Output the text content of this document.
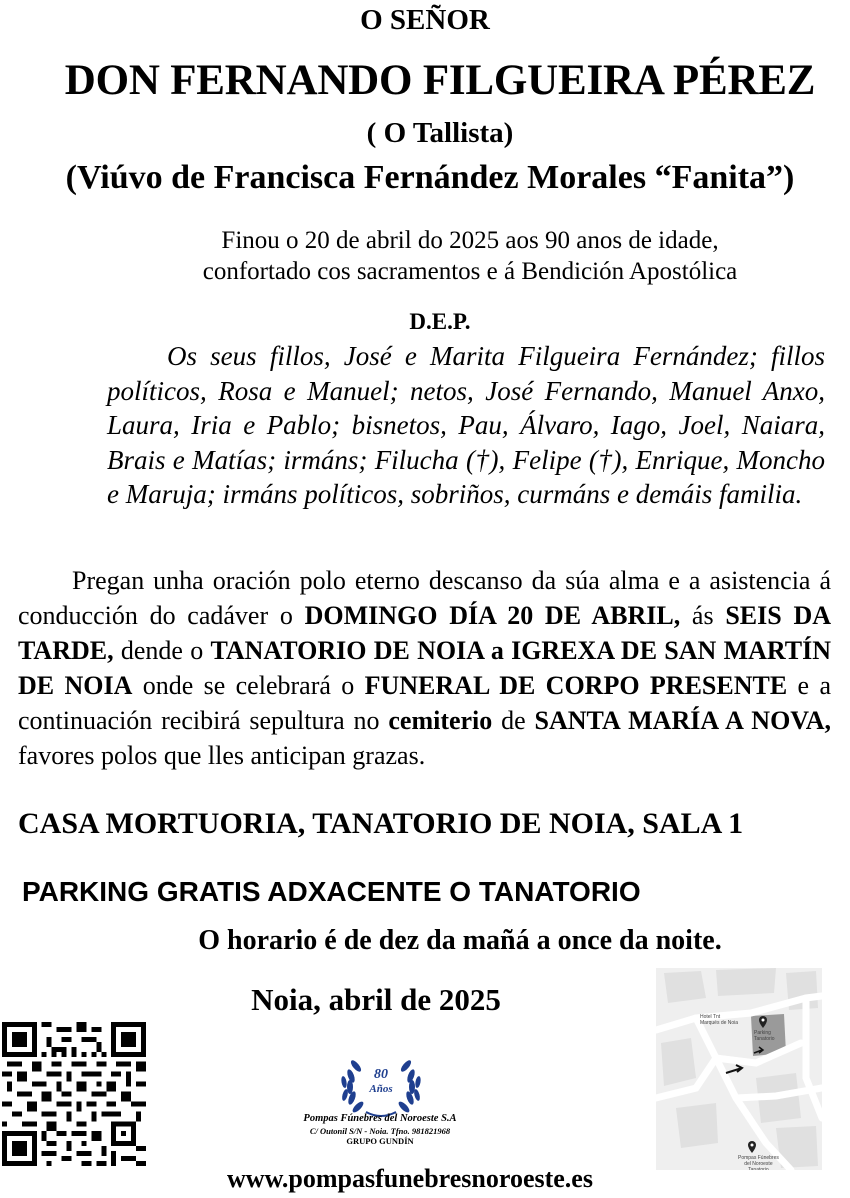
O SEÑOR
DON FERNANDO FILGUEIRA PÉREZ
( O Tallista)
(Viúvo de Francisca Fernández Morales “Fanita”)
Finou o 20 de abril do 2025 aos 90 anos de idade,
confortado cos sacramentos e á Bendición Apostólica
D.E.P.

Os seus fillos, José e Marita Filgueira Fernández; fillos políticos, Rosa e Manuel; netos, José Fernando, Manuel Anxo, Laura, Iria e Pablo; bisnetos, Pau, Álvaro, Iago, Joel, Naiara, Brais e Matías; irmáns; Filucha (†), Felipe (†), Enrique, Moncho e Maruja; irmáns políticos, sobriños, curmáns e demáis familia.

Pregan unha oración polo eterno descanso da súa alma e a asistencia á conducción do cadáver o DOMINGO DÍA 20 DE ABRIL, ás SEIS DA TARDE, dende o TANATORIO DE NOIA a IGREXA DE SAN MARTÍN DE NOIA onde se celebrará o FUNERAL DE CORPO PRESENTE e a continuación recibirá sepultura no cemiterio de SANTA MARÍA A NOVA, favores polos que lles anticipan grazas.

CASA MORTUORIA, TANATORIO DE NOIA, SALA 1
PARKING GRATIS ADXACENTE O TANATORIO
O horario é de dez da mañá a once da noite.
Noia, abril de 2025
80
Años
Pompas Fúnebres del Noroeste S.A
C/ Outonil S/N - Noia. Tfno. 981821968
GRUPO GUNDÍN
Hotel Tnt
Marqués de Noia
Parking
Tanatorio
Pompas Fúnebres
del Noroeste
Tanatorio
www.pompasfunebresnoroeste.es
